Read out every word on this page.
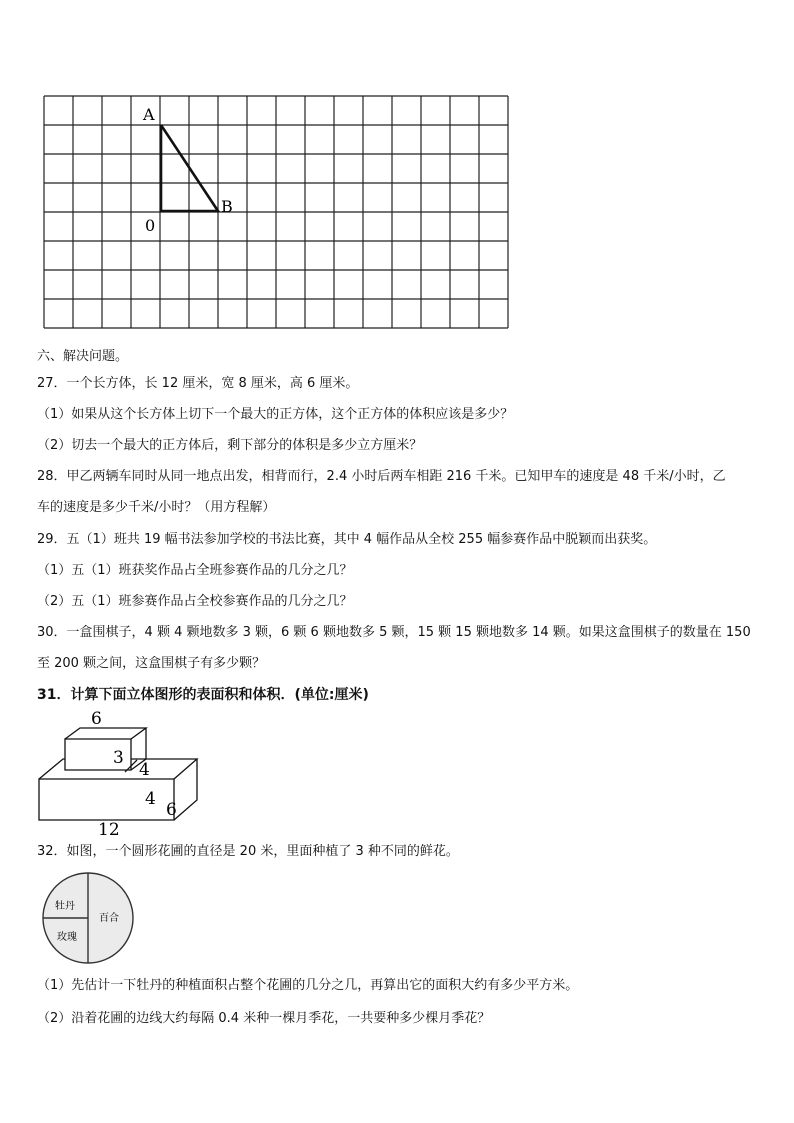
A
B
0
六、解决问题。
27．一个长方体，长 12 厘米，宽 8 厘米，高 6 厘米。
（1）如果从这个长方体上切下一个最大的正方体，这个正方体的体积应该是多少？
（2）切去一个最大的正方体后，剩下部分的体积是多少立方厘米？
28．甲乙两辆车同时从同一地点出发，相背而行，2.4 小时后两车相距 216 千米。已知甲车的速度是 48 千米/小时，乙
车的速度是多少千米/小时？（用方程解）
29．五（1）班共 19 幅书法参加学校的书法比赛，其中 4 幅作品从全校 255 幅参赛作品中脱颖而出获奖。
（1）五（1）班获奖作品占全班参赛作品的几分之几？
（2）五（1）班参赛作品占全校参赛作品的几分之几？
30．一盒围棋子，4 颗 4 颗地数多 3 颗，6 颗 6 颗地数多 5 颗，15 颗 15 颗地数多 14 颗。如果这盒围棋子的数量在 150
至 200 颗之间，这盒围棋子有多少颗？
31．计算下面立体图形的表面积和体积．(单位:厘米)
6
3
4
4
6
12
32．如图，一个圆形花圃的直径是 20 米，里面种植了 3 种不同的鲜花。
牡丹
百合
玫瑰
（1）先估计一下牡丹的种植面积占整个花圃的几分之几，再算出它的面积大约有多少平方米。
（2）沿着花圃的边线大约每隔 0.4 米种一棵月季花，一共要种多少棵月季花？
